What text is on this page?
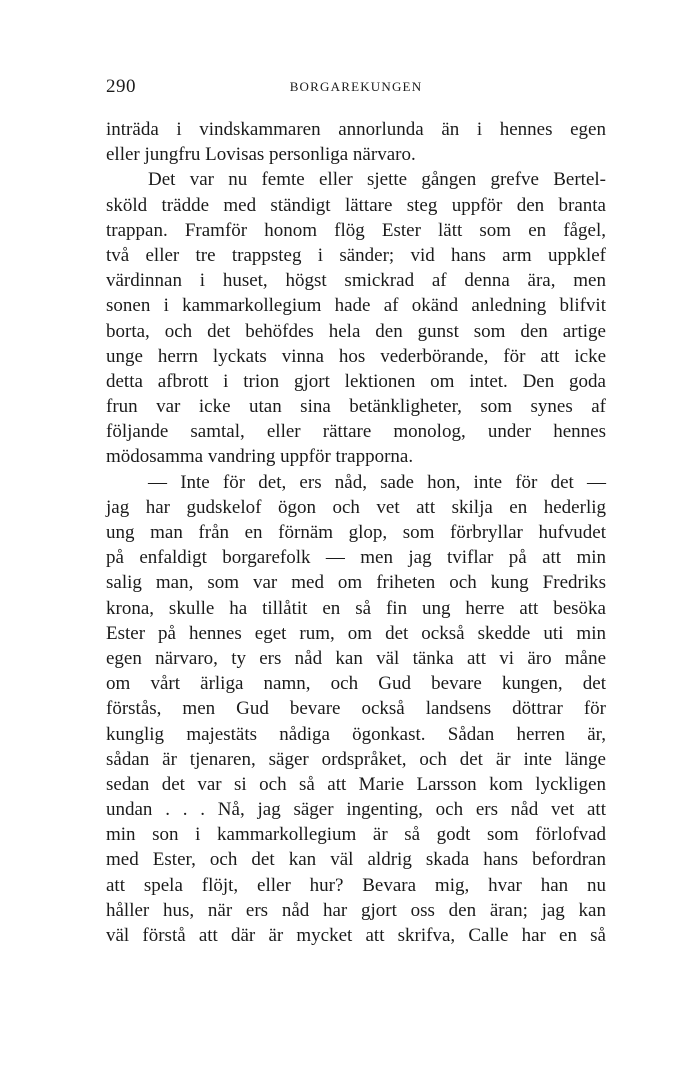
290	BORGAREKUNGEN
inträda i vindskammaren annorlunda än i hennes egen
eller jungfru Lovisas personliga närvaro.
Det var nu femte eller sjette gången grefve Bertel-
sköld trädde med ständigt lättare steg uppför den branta
trappan. Framför honom flög Ester lätt som en fågel,
två eller tre trappsteg i sänder; vid hans arm uppklef
värdinnan i huset, högst smickrad af denna ära, men
sonen i kammarkollegium hade af okänd anledning blifvit
borta, och det behöfdes hela den gunst som den artige
unge herrn lyckats vinna hos vederbörande, för att icke
detta afbrott i trion gjort lektionen om intet. Den goda
frun var icke utan sina betänkligheter, som synes af
följande samtal, eller rättare monolog, under hennes
mödosamma vandring uppför trapporna.
— Inte för det, ers nåd, sade hon, inte för det —
jag har gudskelof ögon och vet att skilja en hederlig
ung man från en förnäm glop, som förbryllar hufvudet
på enfaldigt borgarefolk — men jag tviflar på att min
salig man, som var med om friheten och kung Fredriks
krona, skulle ha tillåtit en så fin ung herre att besöka
Ester på hennes eget rum, om det också skedde uti min
egen närvaro, ty ers nåd kan väl tänka att vi äro måne
om vårt ärliga namn, och Gud bevare kungen, det
förstås, men Gud bevare också landsens döttrar för
kunglig majestäts nådiga ögonkast. Sådan herren är,
sådan är tjenaren, säger ordspråket, och det är inte länge
sedan det var si och så att Marie Larsson kom lyckligen
undan . . . Nå, jag säger ingenting, och ers nåd vet att
min son i kammarkollegium är så godt som förlofvad
med Ester, och det kan väl aldrig skada hans befordran
att spela flöjt, eller hur? Bevara mig, hvar han nu
håller hus, när ers nåd har gjort oss den äran; jag kan
väl förstå att där är mycket att skrifva, Calle har en så
